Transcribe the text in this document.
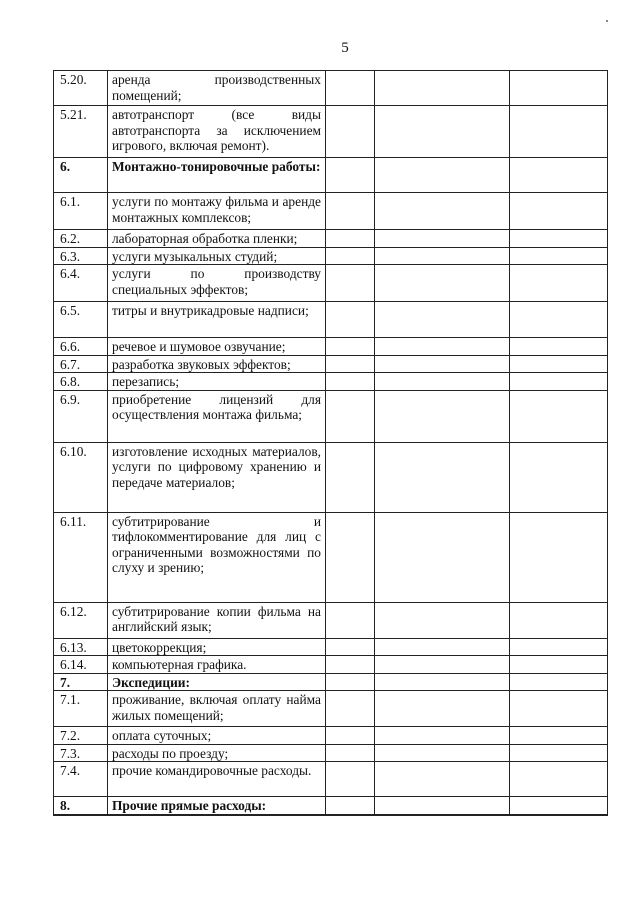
5
5.20.	аренда производственных помещений;			
5.21.	автотранспорт (все виды автотранспорта за исключением игрового, включая ремонт).			
6.	Монтажно-тонировочные работы:			
6.1.	услуги по монтажу фильма и аренде монтажных комплексов;			
6.2.	лабораторная обработка пленки;			
6.3.	услуги музыкальных студий;			
6.4.	услуги по производству специальных эффектов;			
6.5.	титры и внутрикадровые надписи;			
6.6.	речевое и шумовое озвучание;			
6.7.	разработка звуковых эффектов;			
6.8.	перезапись;			
6.9.	приобретение лицензий для осуществления монтажа фильма;			
6.10.	изготовление исходных материалов, услуги по цифровому хранению и передаче материалов;			
6.11.	субтитрирование и тифлокомментирование для лиц с ограниченными возможностями по слуху и зрению;			
6.12.	субтитрирование копии фильма на английский язык;			
6.13.	цветокоррекция;			
6.14.	компьютерная графика.			
7.	Экспедиции:			
7.1.	проживание, включая оплату найма жилых помещений;			
7.2.	оплата суточных;			
7.3.	расходы по проезду;			
7.4.	прочие командировочные расходы.			
8.	Прочие прямые расходы:			
